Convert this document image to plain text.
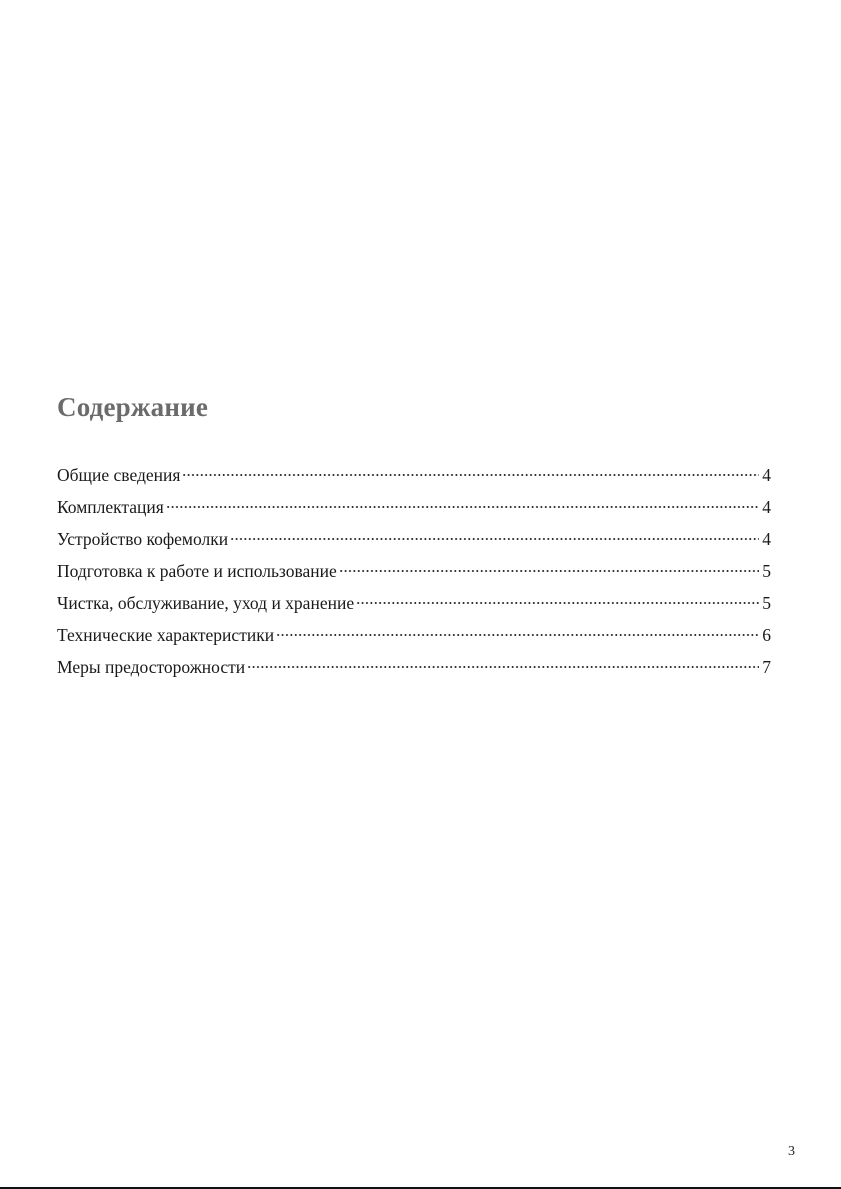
Содержание
Общие сведения	4
Комплектация	4
Устройство кофемолки	4
Подготовка к работе и использование	5
Чистка, обслуживание, уход и хранение	5
Технические характеристики	6
Меры предосторожности	7
3
